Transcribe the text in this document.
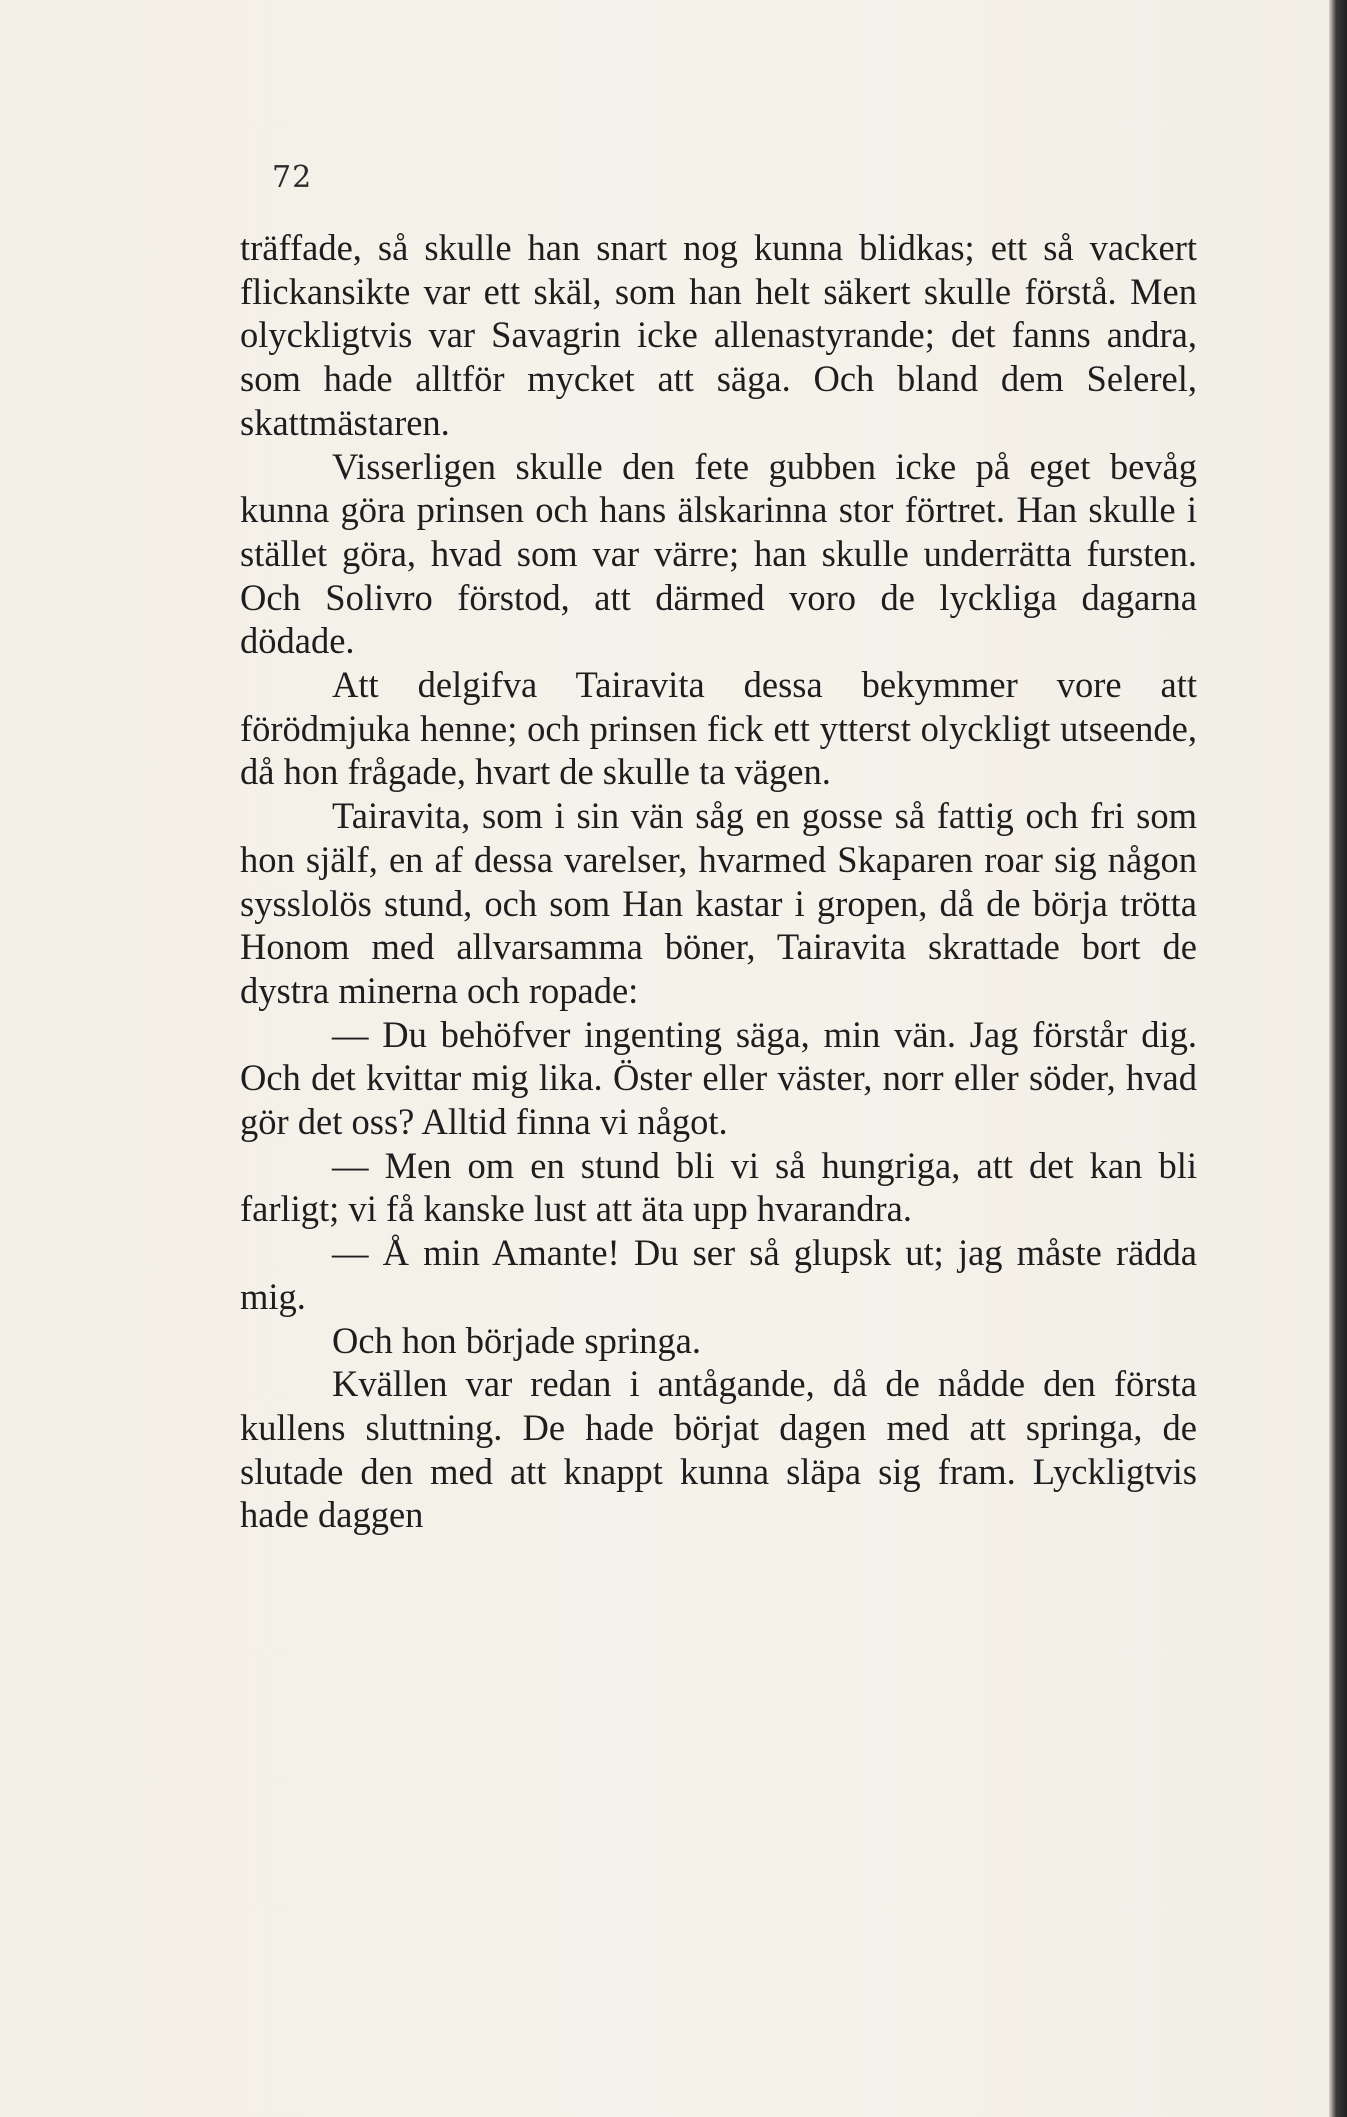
72

träffade, så skulle han snart nog kunna blidkas; ett så vackert flickansikte var ett skäl, som han helt säkert skulle förstå. Men olyckligtvis var Savagrin icke allenastyrande; det fanns andra, som hade alltför mycket att säga. Och bland dem Selerel, skattmästaren.

Visserligen skulle den fete gubben icke på eget bevåg kunna göra prinsen och hans älskarinna stor förtret. Han skulle i stället göra, hvad som var värre; han skulle underrätta fursten. Och Solivro förstod, att därmed voro de lyckliga dagarna dödade.

Att delgifva Tairavita dessa bekymmer vore att förödmjuka henne; och prinsen fick ett ytterst olyckligt utseende, då hon frågade, hvart de skulle ta vägen.

Tairavita, som i sin vän såg en gosse så fattig och fri som hon själf, en af dessa varelser, hvarmed Skaparen roar sig någon sysslolös stund, och som Han kastar i gropen, då de börja trötta Honom med allvarsamma böner, Tairavita skrattade bort de dystra minerna och ropade:

— Du behöfver ingenting säga, min vän. Jag förstår dig. Och det kvittar mig lika. Öster eller väster, norr eller söder, hvad gör det oss? Alltid finna vi något.

— Men om en stund bli vi så hungriga, att det kan bli farligt; vi få kanske lust att äta upp hvarandra.

— Å min Amante! Du ser så glupsk ut; jag måste rädda mig.

Och hon började springa.

Kvällen var redan i antågande, då de nådde den första kullens sluttning. De hade börjat dagen med att springa, de slutade den med att knappt kunna släpa sig fram. Lyckligtvis hade daggen
